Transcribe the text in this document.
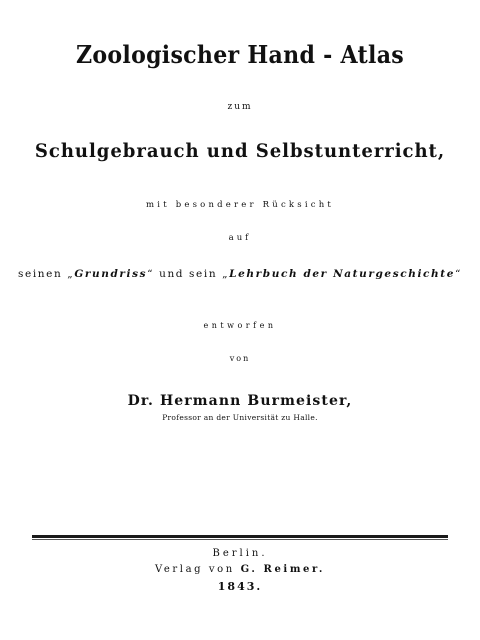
Zoologischer Hand - Atlas
zum
Schulgebrauch und Selbstunterricht,
mit besonderer Rücksicht
auf
seinen „Grundriss“ und sein „Lehrbuch der Naturgeschichte“
entworfen
von
Dr. Hermann Burmeister,
Professor an der Universität zu Halle.
Berlin.
Verlag von G. Reimer.
1843.
